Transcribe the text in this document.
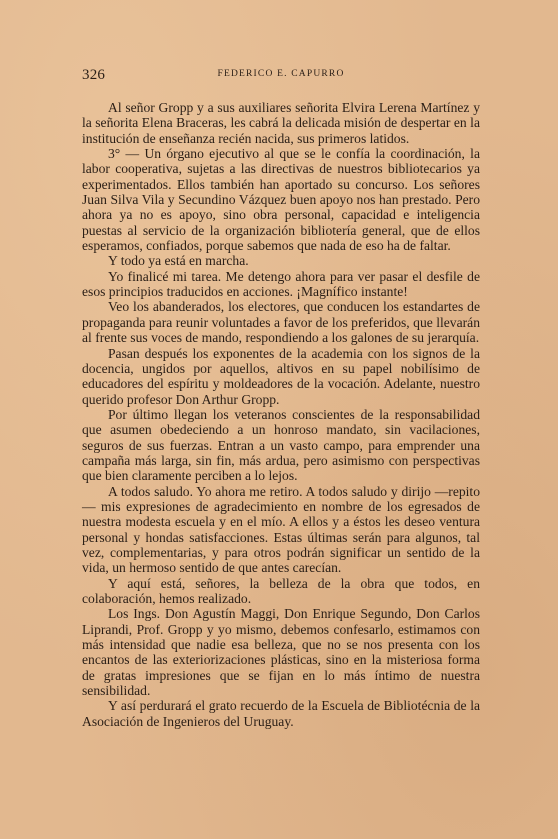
326	FEDERICO E. CAPURRO

Al señor Gropp y a sus auxiliares señorita Elvira Lerena Martínez y la señorita Elena Braceras, les cabrá la delicada misión de despertar en la institución de enseñanza recién nacida, sus primeros latidos.

3° — Un órgano ejecutivo al que se le confía la coordinación, la labor cooperativa, sujetas a las directivas de nuestros bibliotecarios ya experimentados. Ellos también han aportado su concurso. Los señores Juan Silva Vila y Secundino Vázquez buen apoyo nos han prestado. Pero ahora ya no es apoyo, sino obra personal, capacidad e inteligencia puestas al servicio de la organización bibliotería general, que de ellos esperamos, confiados, porque sabemos que nada de eso ha de faltar.

Y todo ya está en marcha.

Yo finalicé mi tarea. Me detengo ahora para ver pasar el desfile de esos principios traducidos en acciones. ¡Magnífico instante!

Veo los abanderados, los electores, que conducen los estandartes de propaganda para reunir voluntades a favor de los preferidos, que llevarán al frente sus voces de mando, respondiendo a los galones de su jerarquía.

Pasan después los exponentes de la academia con los signos de la docencia, ungidos por aquellos, altivos en su papel nobilísimo de educadores del espíritu y moldeadores de la vocación. Adelante, nuestro querido profesor Don Arthur Gropp.

Por último llegan los veteranos conscientes de la responsabilidad que asumen obedeciendo a un honroso mandato, sin vacilaciones, seguros de sus fuerzas. Entran a un vasto campo, para emprender una campaña más larga, sin fin, más ardua, pero asimismo con perspectivas que bien claramente perciben a lo lejos.

A todos saludo. Yo ahora me retiro. A todos saludo y dirijo —repito— mis expresiones de agradecimiento en nombre de los egresados de nuestra modesta escuela y en el mío. A ellos y a éstos les deseo ventura personal y hondas satisfacciones. Estas últimas serán para algunos, tal vez, complementarias, y para otros podrán significar un sentido de la vida, un hermoso sentido de que antes carecían.

Y aquí está, señores, la belleza de la obra que todos, en colaboración, hemos realizado.

Los Ings. Don Agustín Maggi, Don Enrique Segundo, Don Carlos Liprandi, Prof. Gropp y yo mismo, debemos confesarlo, estimamos con más intensidad que nadie esa belleza, que no se nos presenta con los encantos de las exteriorizaciones plásticas, sino en la misteriosa forma de gratas impresiones que se fijan en lo más íntimo de nuestra sensibilidad.

Y así perdurará el grato recuerdo de la Escuela de Bibliotécnia de la Asociación de Ingenieros del Uruguay.
